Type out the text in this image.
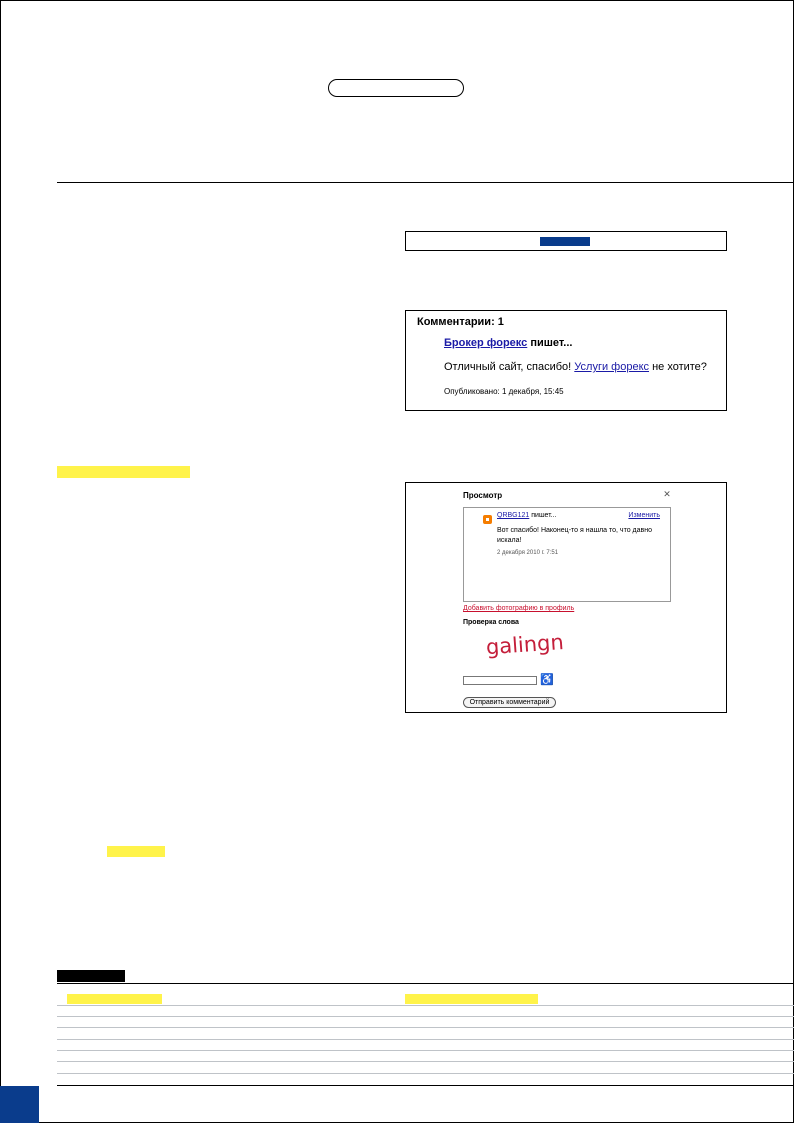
Комментарии: 1
Брокер форекс пишет...
Отличный сайт, спасибо! Услуги форекс не хотите?
Опубликовано: 1 декабря, 15:45
Просмотр	✕
QRBG121 пишет...	Изменить
Вот спасибо! Наконец-то я нашла то, что давно искала!
2 декабря 2010 г. 7:51
Добавить фотографию в профиль
Проверка слова
galingn
♿
Отправить комментарий
